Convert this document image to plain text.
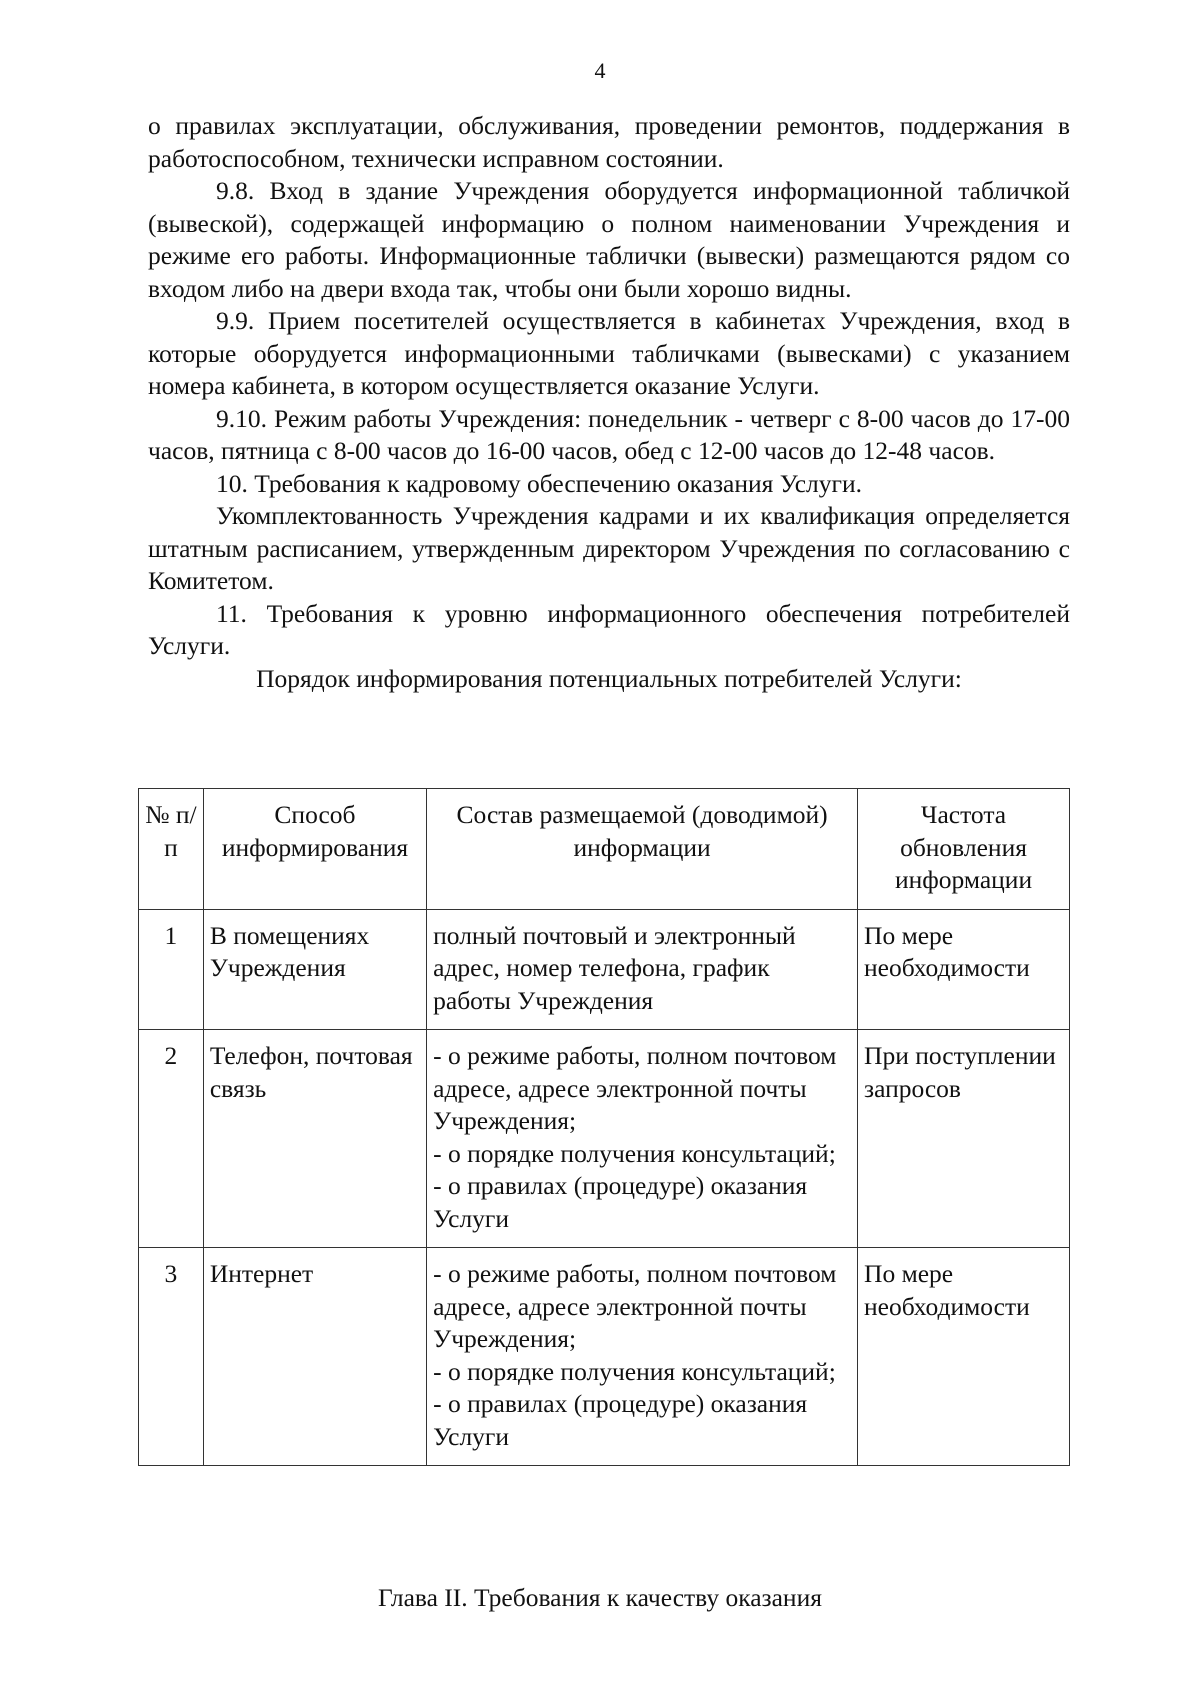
4

о правилах эксплуатации, обслуживания, проведении ремонтов, поддержания в работоспособном, технически исправном состоянии.

9.8. Вход в здание Учреждения оборудуется информационной табличкой (вывеской), содержащей информацию о полном наименовании Учреждения и режиме его работы. Информационные таблички (вывески) размещаются рядом со входом либо на двери входа так, чтобы они были хорошо видны.

9.9. Прием посетителей осуществляется в кабинетах Учреждения, вход в которые оборудуется информационными табличками (вывесками) с указанием номера кабинета, в котором осуществляется оказание Услуги.

9.10. Режим работы Учреждения: понедельник - четверг с 8-00 часов до 17-00 часов, пятница с 8-00 часов до 16-00 часов, обед с 12-00 часов до 12-48 часов.

10. Требования к кадровому обеспечению оказания Услуги.

Укомплектованность Учреждения кадрами и их квалификация определяется штатным расписанием, утвержденным директором Учреждения по согласованию с Комитетом.

11. Требования к уровню информационного обеспечения потребителей Услуги.

Порядок информирования потенциальных потребителей Услуги:

№ п/п	Способ информирования	Состав размещаемой (доводимой) информации	Частота обновления информации
1	В помещениях Учреждения	полный почтовый и электронный адрес, номер телефона, график работы Учреждения	По мере необходимости
2	Телефон, почтовая связь	- о режиме работы, полном почтовом адресе, адресе электронной почты Учреждения;
- о порядке получения консультаций;
- о правилах (процедуре) оказания Услуги	При поступлении запросов
3	Интернет	- о режиме работы, полном почтовом адресе, адресе электронной почты Учреждения;
- о порядке получения консультаций;
- о правилах (процедуре) оказания Услуги	По мере необходимости
Глава II. Требования к качеству оказания
